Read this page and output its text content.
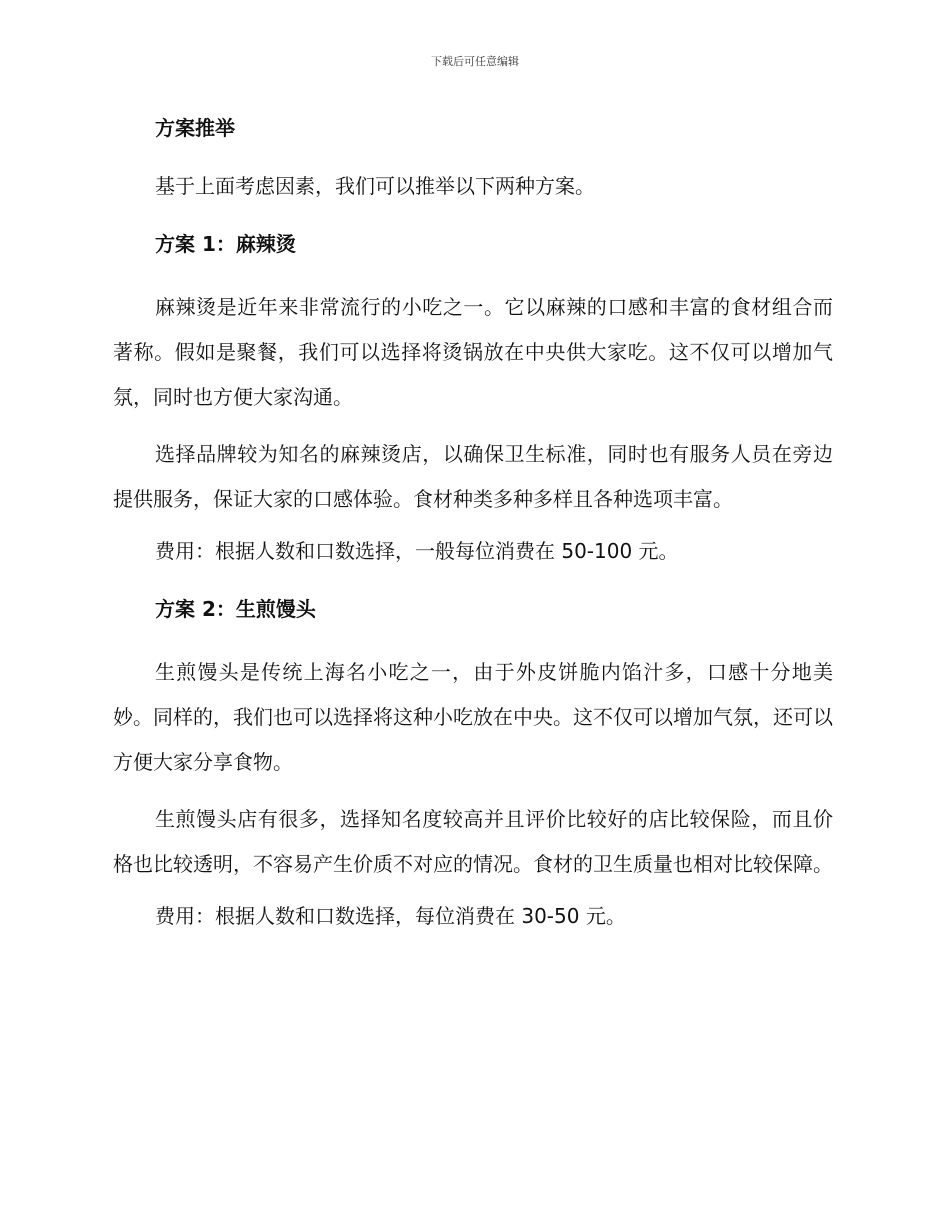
下载后可任意编辑
方案推举
基于上面考虑因素，我们可以推举以下两种方案。
方案 1：麻辣烫
麻辣烫是近年来非常流行的小吃之一。它以麻辣的口感和丰富的食材组合而著称。假如是聚餐，我们可以选择将烫锅放在中央供大家吃。这不仅可以增加气氛，同时也方便大家沟通。
选择品牌较为知名的麻辣烫店，以确保卫生标准，同时也有服务人员在旁边提供服务，保证大家的口感体验。食材种类多种多样且各种选项丰富。
费用：根据人数和口数选择，一般每位消费在 50-100 元。
方案 2：生煎馒头
生煎馒头是传统上海名小吃之一，由于外皮饼脆内馅汁多，口感十分地美妙。同样的，我们也可以选择将这种小吃放在中央。这不仅可以增加气氛，还可以方便大家分享食物。
生煎馒头店有很多，选择知名度较高并且评价比较好的店比较保险，而且价格也比较透明，不容易产生价质不对应的情况。食材的卫生质量也相对比较保障。
费用：根据人数和口数选择，每位消费在 30-50 元。
